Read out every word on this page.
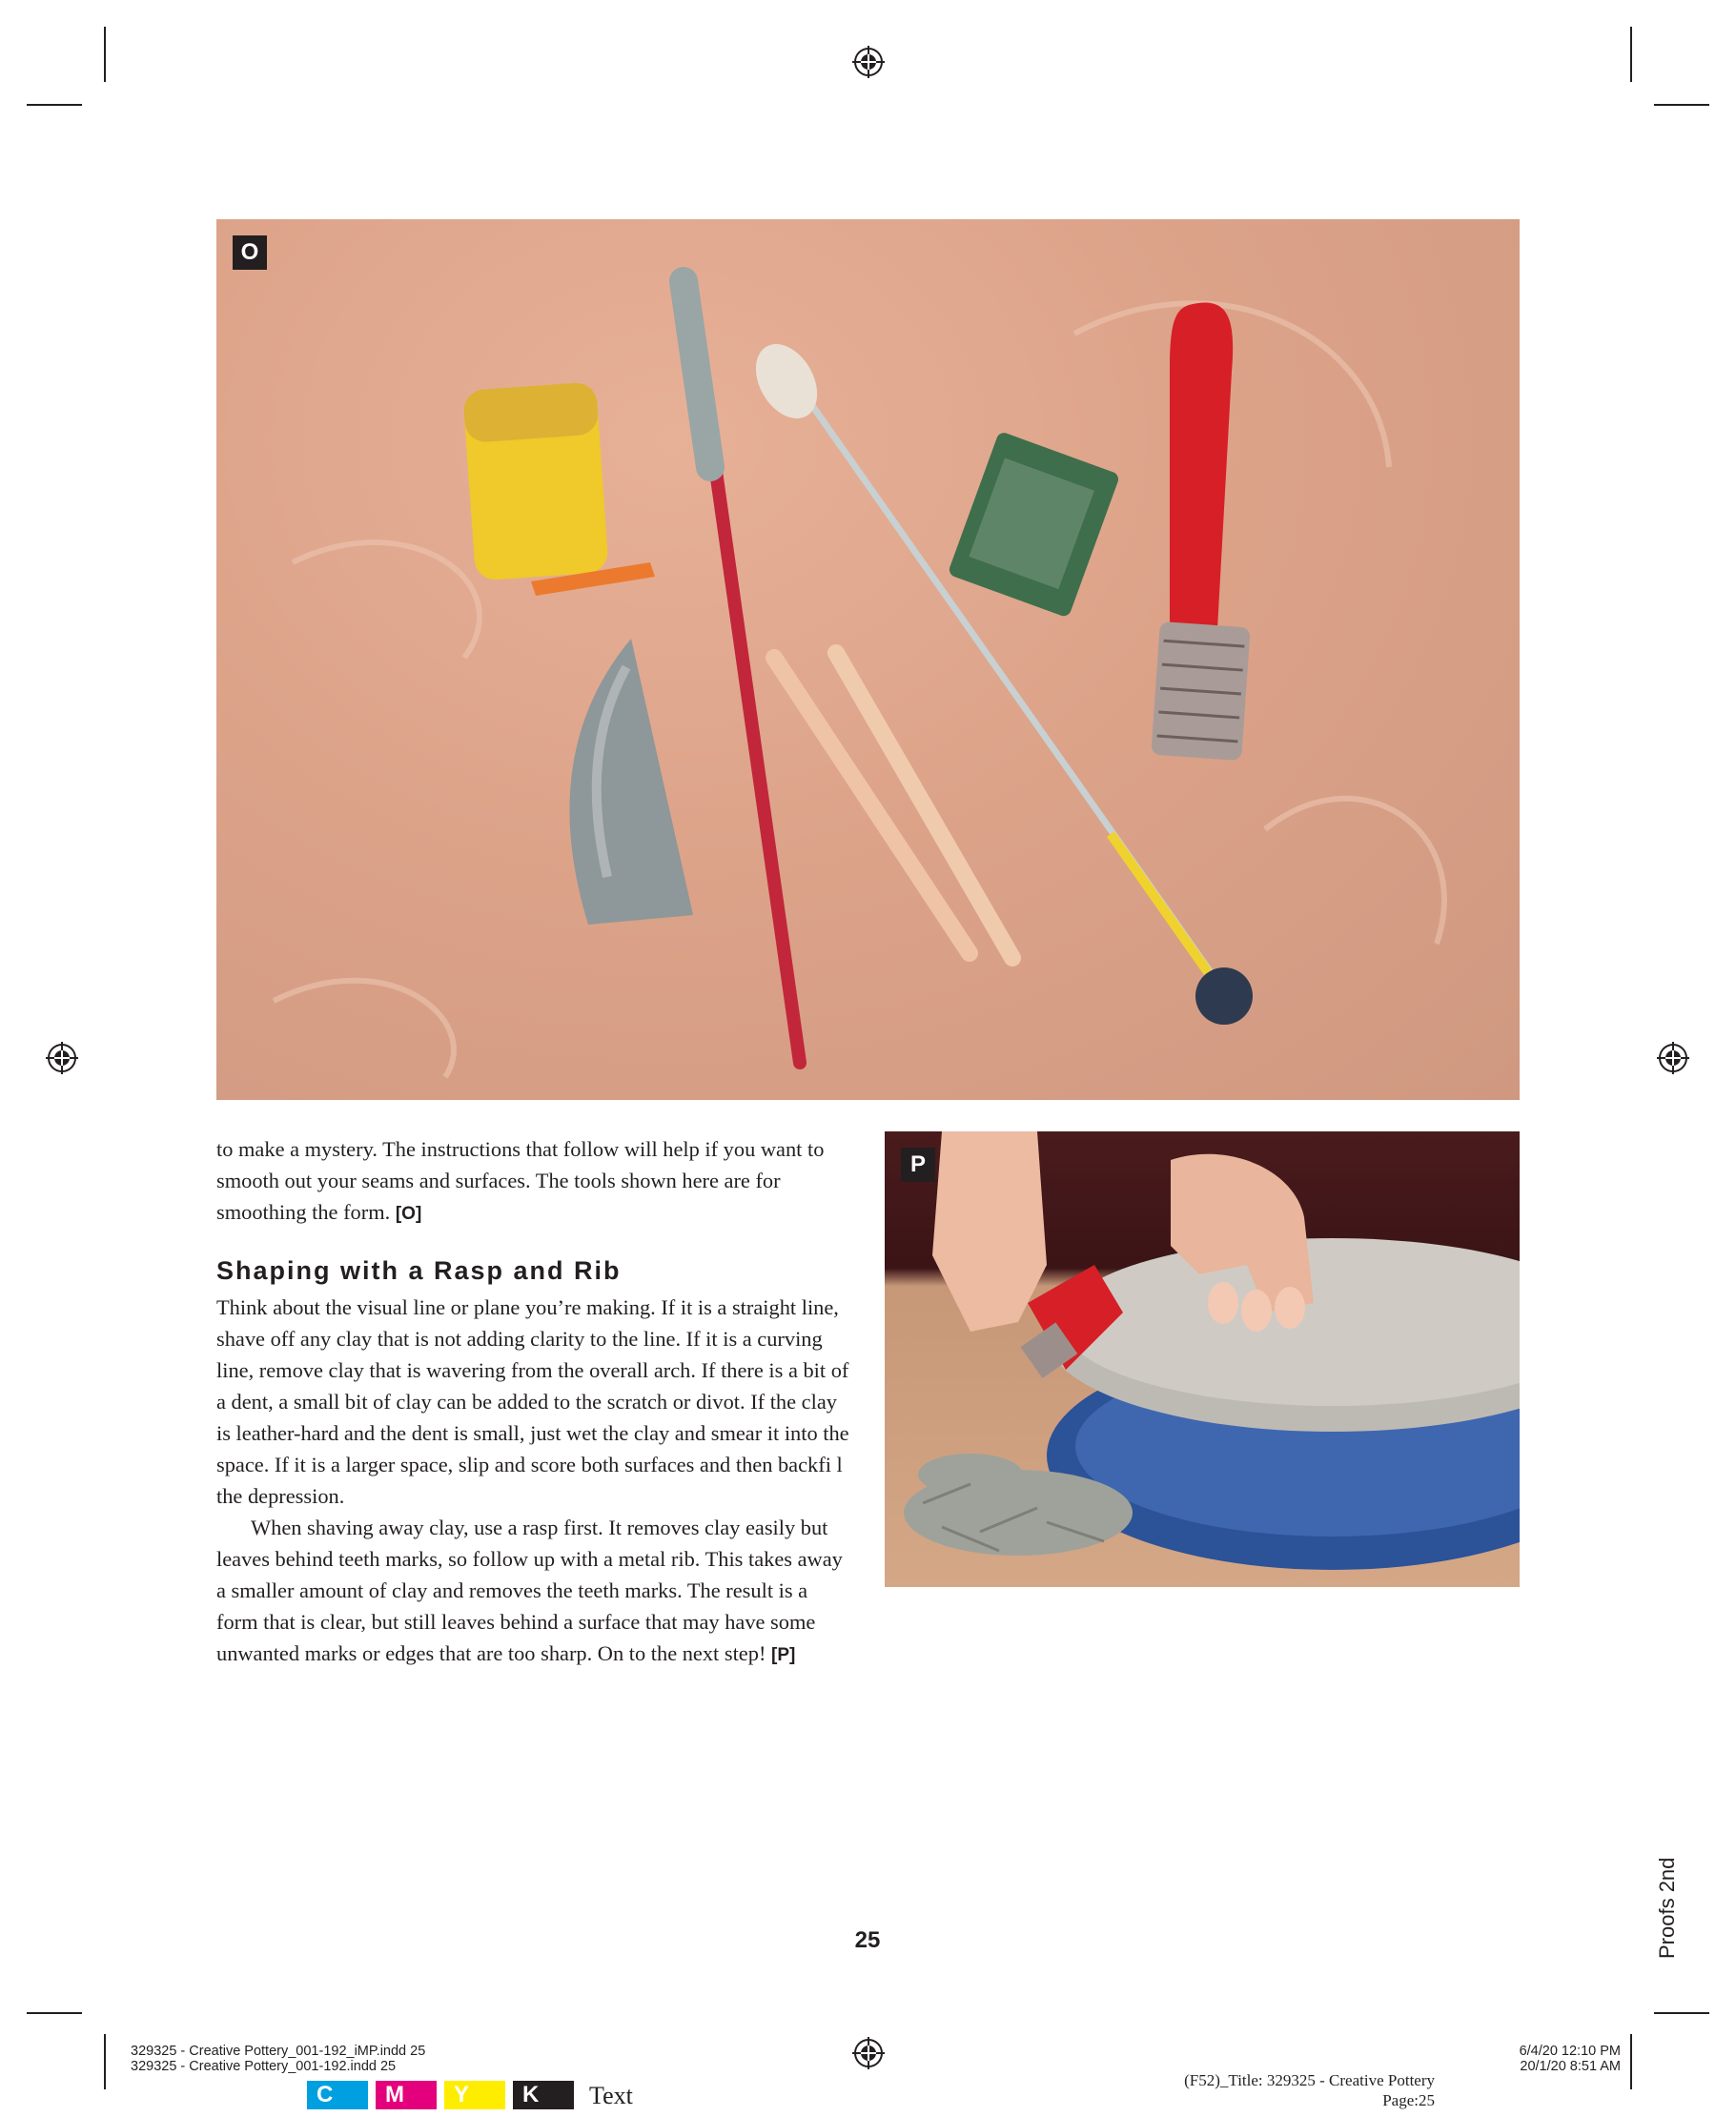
O
P

to make a mystery. The instructions that follow will help if you want to smooth out your seams and surfaces. The tools shown here are for smoothing the form. [O]

Shaping with a Rasp and Rib

Think about the visual line or plane you’re making. If it is a straight line, shave off any clay that is not adding clarity to the line. If it is a curving line, remove clay that is wavering from the overall arch. If there is a bit of a dent, a small bit of clay can be added to the scratch or divot. If the clay is leather-hard and the dent is small, just wet the clay and smear it into the space. If it is a larger space, slip and score both surfaces and then backfi l the depression.

When shaving away clay, use a rasp first. It removes clay easily but leaves behind teeth marks, so follow up with a metal rib. This takes away a smaller amount of clay and removes the teeth marks. The result is a form that is clear, but still leaves behind a surface that may have some unwanted marks or edges that are too sharp. On to the next step! [P]

25	Proofs 2nd
329325 - Creative Pottery_001-192_iMP.indd 25
329325 - Creative Pottery_001-192.indd 25
6/4/20 12:10 PM
20/1/20 8:51 AM
(F52)_Title: 329325 - Creative Pottery
Page:25
C	M	Y	K	Text
